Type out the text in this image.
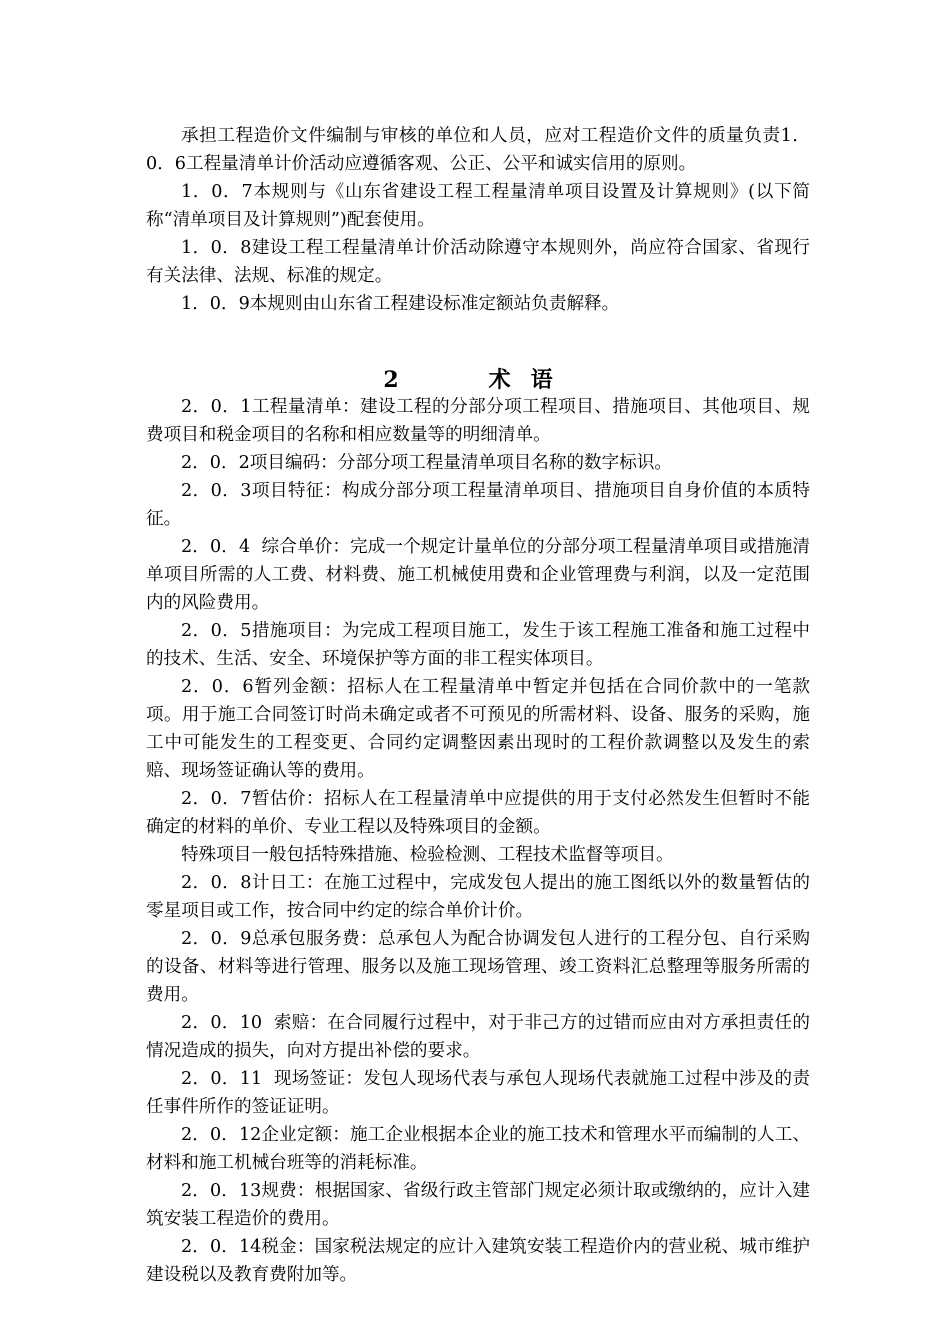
承担工程造价文件编制与审核的单位和人员，应对工程造价文件的质量负责1．0．6工程量清单计价活动应遵循客观、公正、公平和诚实信用的原则。

1．0．7本规则与《山东省建设工程工程量清单项目设置及计算规则》(以下简称“清单项目及计算规则”)配套使用。

1．0．8建设工程工程量清单计价活动除遵守本规则外，尚应符合国家、省现行有关法律、法规、标准的规定。

1．0．9本规则由山东省工程建设标准定额站负责解释。

2	术语

2．0．1工程量清单：建设工程的分部分项工程项目、措施项目、其他项目、规费项目和税金项目的名称和相应数量等的明细清单。

2．0．2项目编码：分部分项工程量清单项目名称的数字标识。

2．0．3项目特征：构成分部分项工程量清单项目、措施项目自身价值的本质特征。

2．0．4  综合单价：完成一个规定计量单位的分部分项工程量清单项目或措施清单项目所需的人工费、材料费、施工机械使用费和企业管理费与利润，以及一定范围内的风险费用。

2．0．5措施项目：为完成工程项目施工，发生于该工程施工准备和施工过程中的技术、生活、安全、环境保护等方面的非工程实体项目。

2．0．6暂列金额：招标人在工程量清单中暂定并包括在合同价款中的一笔款项。用于施工合同签订时尚未确定或者不可预见的所需材料、设备、服务的采购，施工中可能发生的工程变更、合同约定调整因素出现时的工程价款调整以及发生的索赔、现场签证确认等的费用。

2．0．7暂估价：招标人在工程量清单中应提供的用于支付必然发生但暂时不能确定的材料的单价、专业工程以及特殊项目的金额。

特殊项目一般包括特殊措施、检验检测、工程技术监督等项目。

2．0．8计日工：在施工过程中，完成发包人提出的施工图纸以外的数量暂估的零星项目或工作，按合同中约定的综合单价计价。

2．0．9总承包服务费：总承包人为配合协调发包人进行的工程分包、自行采购的设备、材料等进行管理、服务以及施工现场管理、竣工资料汇总整理等服务所需的费用。

2．0．10  索赔：在合同履行过程中，对于非己方的过错而应由对方承担责任的情况造成的损失，向对方提出补偿的要求。

2．0．11  现场签证：发包人现场代表与承包人现场代表就施工过程中涉及的责任事件所作的签证证明。

2．0．12企业定额：施工企业根据本企业的施工技术和管理水平而编制的人工、材料和施工机械台班等的消耗标准。

2．0．13规费：根据国家、省级行政主管部门规定必须计取或缴纳的，应计入建筑安装工程造价的费用。

2．0．14税金：国家税法规定的应计入建筑安装工程造价内的营业税、城市维护建设税以及教育费附加等。
